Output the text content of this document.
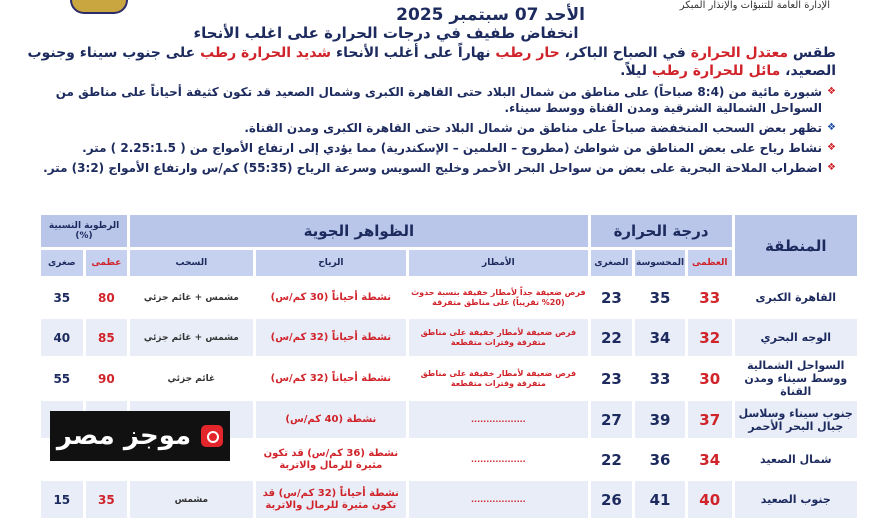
الإدارة العامة للتنبؤات والإنذار المبكر
الأحد 07 سبتمبر 2025
انخفاض طفيف في درجات الحرارة على اغلب الأنحاء
طقس معتدل الحرارة في الصباح الباكر، حار رطب نهاراً على أغلب الأنحاء شديد الحرارة رطب على جنوب سيناء وجنوب الصعيد، مائل للحرارة رطب ليلاً.
❖ شبورة مائية من (8:4 صباحاً) على مناطق من شمال البلاد حتى القاهرة الكبرى وشمال الصعيد قد تكون كثيفة أحياناً على مناطق من السواحل الشمالية الشرقية ومدن القناة ووسط سيناء.
❖ تظهر بعض السحب المنخفضة صباحاً على مناطق من شمال البلاد حتى القاهرة الكبرى ومدن القناة.
❖ نشاط رياح على بعض المناطق من شواطئ (مطروح – العلمين – الإسكندرية) مما يؤدي إلى ارتفاع الأمواج من ( 2.25:1.5 ) متر.
❖ اضطراب الملاحة البحرية على بعض من سواحل البحر الأحمر وخليج السويس وسرعة الرياح (55:35) كم/س وارتفاع الأمواج (3:2) متر.
المنطقة	درجة الحرارة			الظواهر الجوية			الرطوبة النسبية (%)	
	العظمى	المحسوسة	الصغرى	الأمطار	الرياح	السحب	عظمى	صغرى
القاهرة الكبرى	33	35	23	فرص ضعيفة جداً لأمطار خفيفة بنسبة حدوث (20% تقريباً) على مناطق متفرقة	نشطة أحياناً (30 كم/س)	مشمس + غائم جزئي	80	35
الوجه البحري	32	34	22	فرص ضعيفة لأمطار خفيفة على مناطق متفرقة وفترات متقطعة	نشطة أحياناً (32 كم/س)	مشمس + غائم جزئي	85	40
السواحل الشمالية ووسط سيناء ومدن القناة	30	33	23	فرص ضعيفة لأمطار خفيفة على مناطق متفرقة وفترات متقطعة	نشطة أحياناً (32 كم/س)	غائم جزئي	90	55
جنوب سيناء وسلاسل جبال البحر الأحمر	37	39	27	..................	نشطة (40 كم/س)			
شمال الصعيد	34	36	22	..................	نشطة (36 كم/س) قد تكون مثيرة للرمال والاتربة			
جنوب الصعيد	40	41	26	..................	نشطة أحياناً (32 كم/س) قد تكون مثيرة للرمال والاتربة	مشمس	35	15
موجز مصر
